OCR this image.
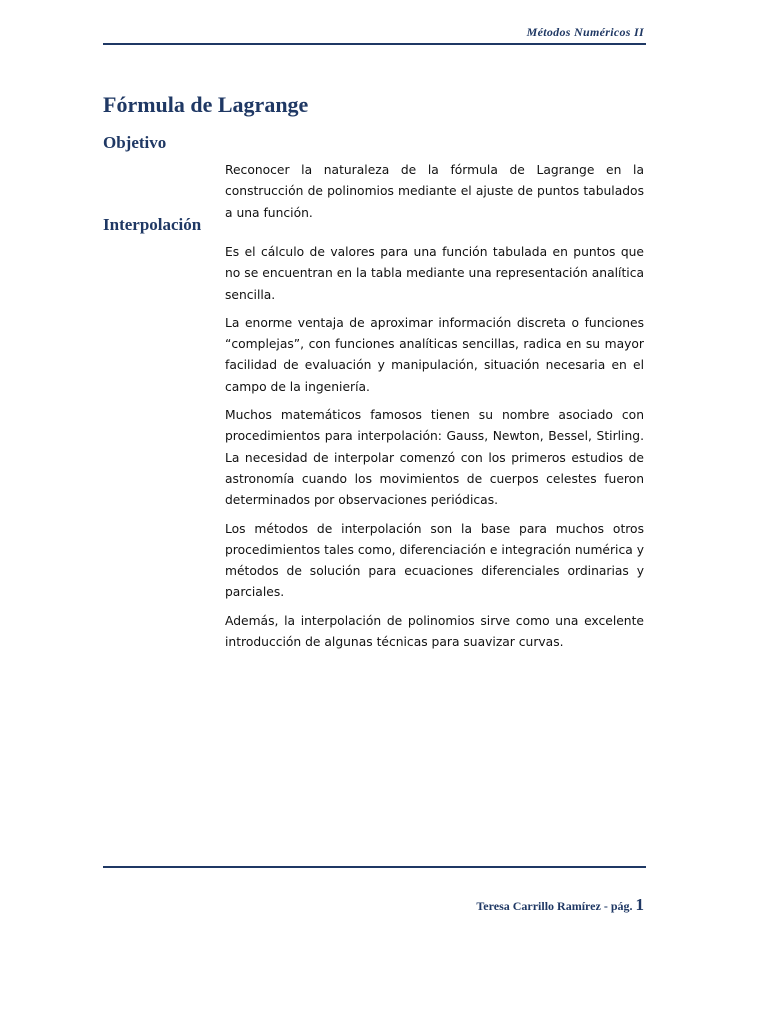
Métodos Numéricos II
Fórmula de Lagrange
Objetivo

Reconocer la naturaleza de la fórmula de Lagrange en la construcción de polinomios mediante el ajuste de puntos tabulados a una función.

Interpolación

Es el cálculo de valores para una función tabulada en puntos que no se encuentran en la tabla mediante una representación analítica sencilla.

La enorme ventaja de aproximar información discreta o funciones “complejas”, con funciones analíticas sencillas, radica en su mayor facilidad de evaluación y manipulación, situación necesaria en el campo de la ingeniería.

Muchos matemáticos famosos tienen su nombre asociado con procedimientos para interpolación: Gauss, Newton, Bessel, Stirling. La necesidad de interpolar comenzó con los primeros estudios de astronomía cuando los movimientos de cuerpos celestes fueron determinados por observaciones periódicas.

Los métodos de interpolación son la base para muchos otros procedimientos tales como, diferenciación e integración numérica y métodos de solución para ecuaciones diferenciales ordinarias y parciales.

Además, la interpolación de polinomios sirve como una excelente introducción de algunas técnicas para suavizar curvas.

Teresa Carrillo Ramírez - pág. 1
